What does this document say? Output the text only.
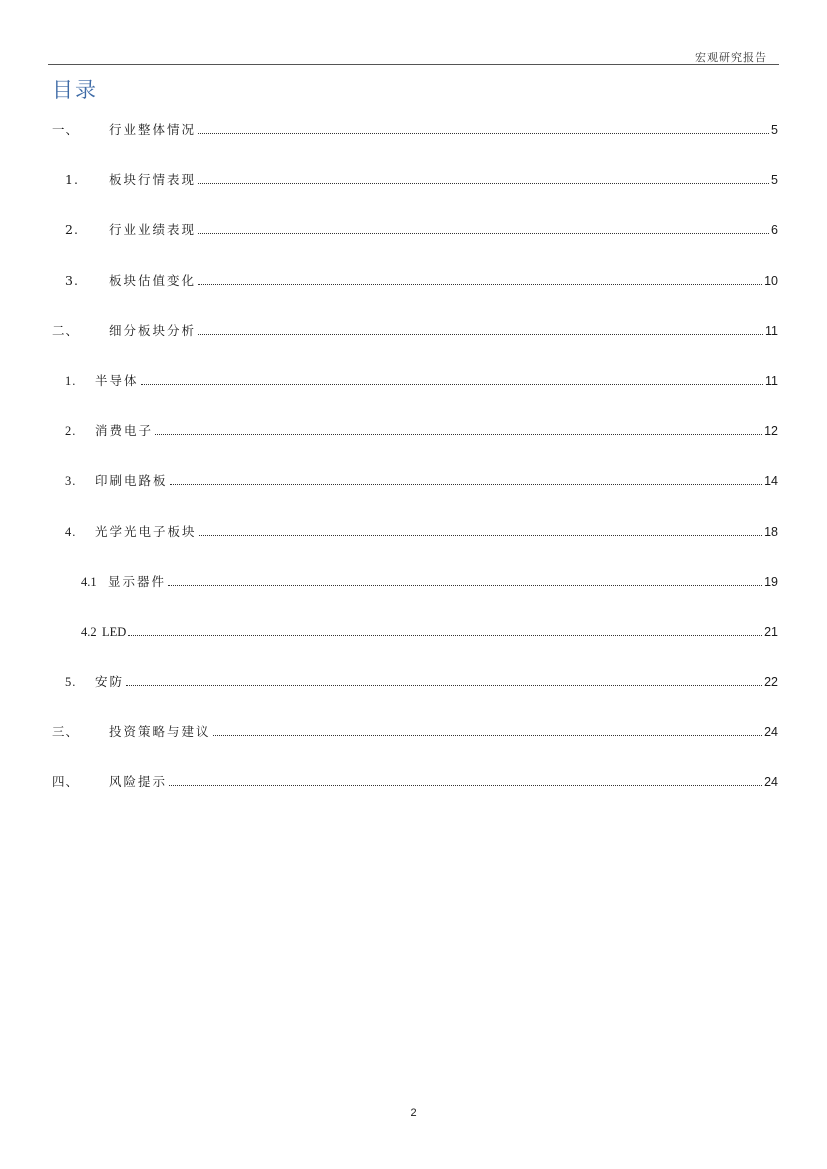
宏观研究报告
目录
一、	行业整体情况	5
1.	板块行情表现	5
2.	行业业绩表现	6
3.	板块估值变化	10
二、	细分板块分析	11
1.	半导体	11
2.	消费电子	12
3.	印刷电路板	14
4.	光学光电子板块	18
4.1 显示器件	19
4.2 LED	21
5.	安防	22
三、	投资策略与建议	24
四、	风险提示	24
2
